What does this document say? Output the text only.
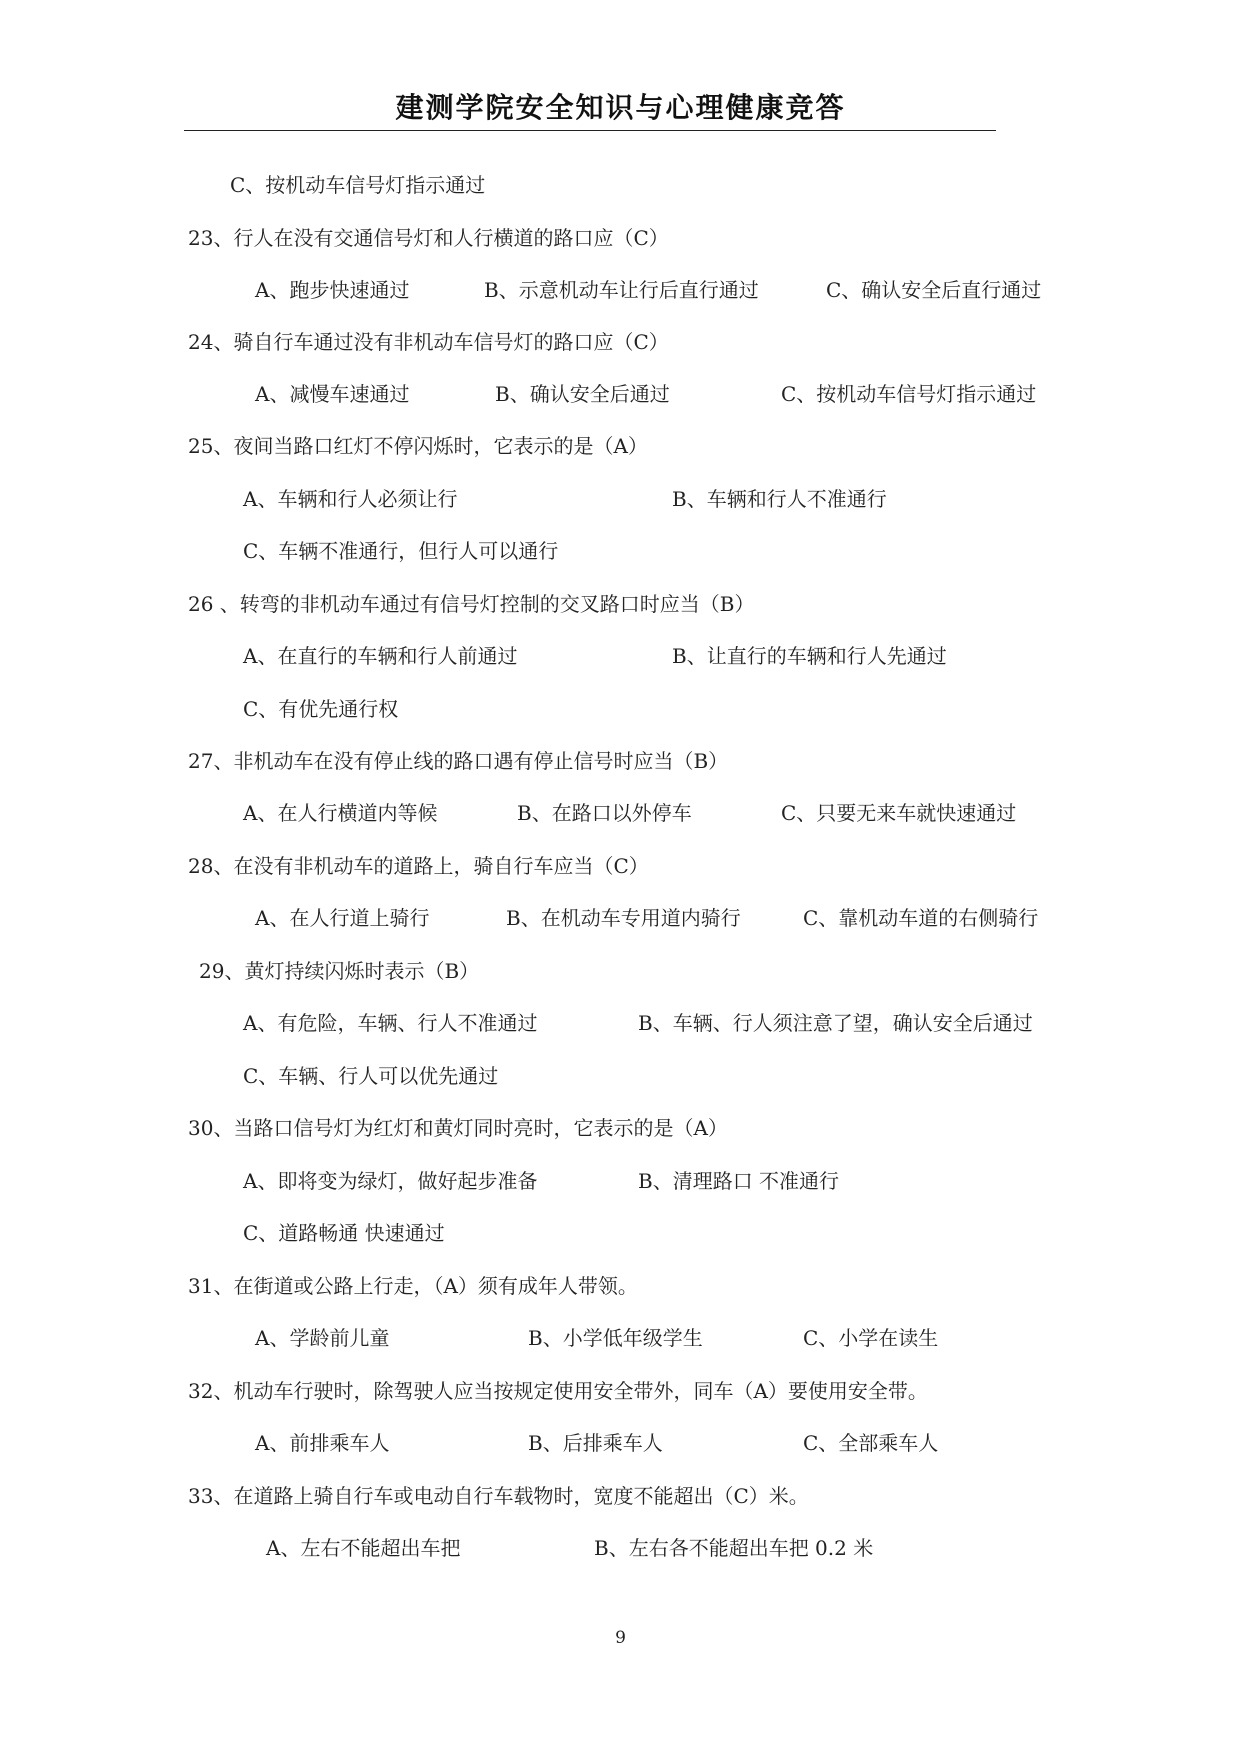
建测学院安全知识与心理健康竞答
C、按机动车信号灯指示通过
23、行人在没有交通信号灯和人行横道的路口应（C）
A、跑步快速通过	B、示意机动车让行后直行通过	C、确认安全后直行通过
24、骑自行车通过没有非机动车信号灯的路口应（C）
A、减慢车速通过	B、确认安全后通过	C、按机动车信号灯指示通过
25、夜间当路口红灯不停闪烁时，它表示的是（A）
A、车辆和行人必须让行	B、车辆和行人不准通行
C、车辆不准通行，但行人可以通行
26 、转弯的非机动车通过有信号灯控制的交叉路口时应当（B）
A、在直行的车辆和行人前通过	B、让直行的车辆和行人先通过
C、有优先通行权
27、非机动车在没有停止线的路口遇有停止信号时应当（B）
A、在人行横道内等候	B、在路口以外停车	C、只要无来车就快速通过
28、在没有非机动车的道路上，骑自行车应当（C）
A、在人行道上骑行	B、在机动车专用道内骑行	C、靠机动车道的右侧骑行
29、黄灯持续闪烁时表示（B）
A、有危险，车辆、行人不准通过	B、车辆、行人须注意了望，确认安全后通过
C、车辆、行人可以优先通过
30、当路口信号灯为红灯和黄灯同时亮时，它表示的是（A）
A、即将变为绿灯，做好起步准备	B、清理路口 不准通行
C、道路畅通 快速通过
31、在街道或公路上行走，（A）须有成年人带领。
A、学龄前儿童	B、小学低年级学生	C、小学在读生
32、机动车行驶时，除驾驶人应当按规定使用安全带外，同车（A）要使用安全带。
A、前排乘车人	B、后排乘车人	C、全部乘车人
33、在道路上骑自行车或电动自行车载物时，宽度不能超出（C）米。
A、左右不能超出车把	B、左右各不能超出车把 0.2 米
9
